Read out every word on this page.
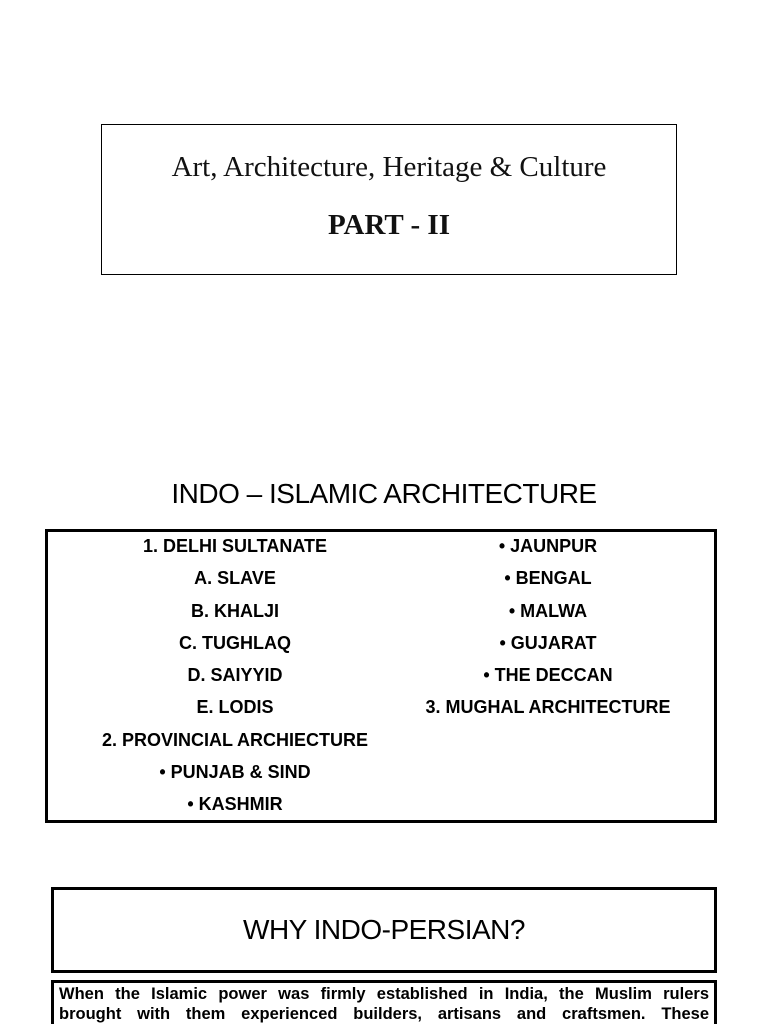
Art, Architecture, Heritage & Culture
PART - II
INDO – ISLAMIC ARCHITECTURE
1. DELHI SULTANATE
A. SLAVE
B. KHALJI
C. TUGHLAQ
D. SAIYYID
E. LODIS
2. PROVINCIAL ARCHIECTURE
• PUNJAB & SIND
• KASHMIR
• JAUNPUR
• BENGAL
• MALWA
• GUJARAT
• THE DECCAN
3. MUGHAL ARCHITECTURE
WHY INDO-PERSIAN?
When the Islamic power was firmly established in India, the Muslim rulers
brought with them experienced builders, artisans and craftsmen. These
